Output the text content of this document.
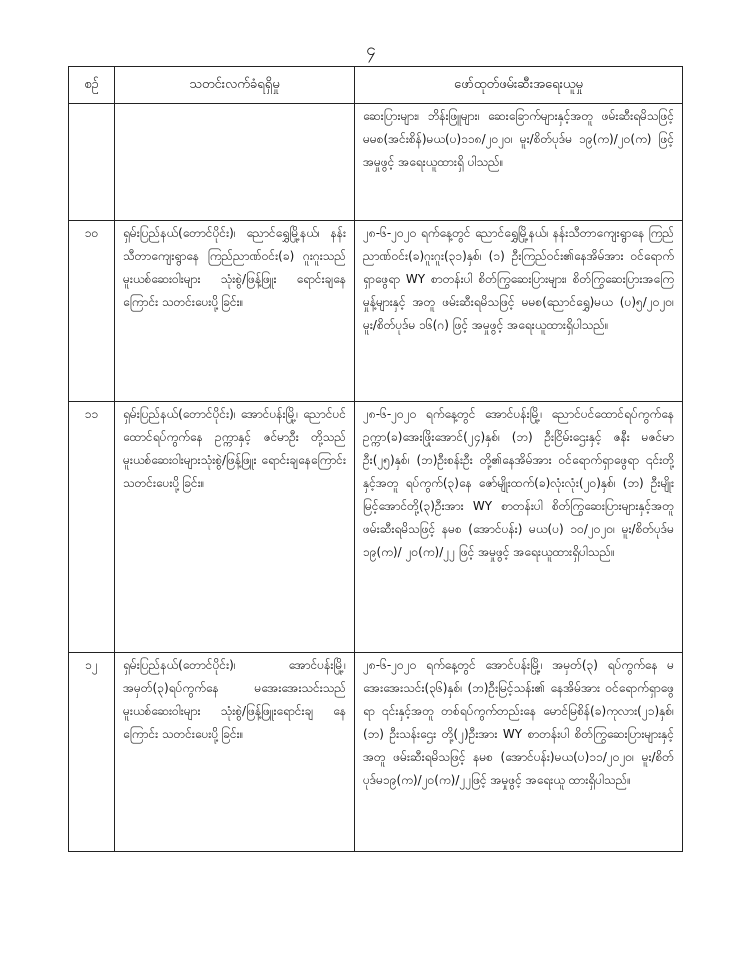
၄
စဉ်	သတင်းလက်ခံရရှိမှု	ဖော်ထုတ်ဖမ်းဆီးအရေးယူမှု
		ဆေးပြားများ၊ ဘိန်းဖြူများ၊ ဆေးခြောက်များနှင့်အတူ ဖမ်းဆီးရမိသဖြင့် မမစ(အင်းစိန်)မယ(ပ)၁၁၈/၂၀၂၀၊ မူး/စိတ်ပုဒ်မ ၁၉(က)/၂၀(က) ဖြင့် အမှုဖွင့် အရေးယူထားရှိ ပါသည်။
၁၀	ရှမ်းပြည်နယ်(တောင်ပိုင်း)၊ ညောင်ရွှေမြို့နယ်၊ နန်းသီတာကျေးရွာနေ ကြည်ညာဏ်ဝင်း(ခ) ဂူးဂူးသည် မူးယစ်ဆေးဝါးများ သုံးစွဲ/ဖြန့်ဖြူး ရောင်းချနေကြောင်း သတင်းပေးပို့ခြင်း။	၂၈-၆-၂၀၂၀ ရက်နေ့တွင် ညောင်ရွှေမြို့နယ်၊ နန်းသီတာကျေးရွာနေ ကြည်ညာဏ်ဝင်း(ခ)ဂူးဂူး(၃၁)နှစ်၊ (၁) ဦးကြည်ဝင်း၏နေအိမ်အား ဝင်ရောက်ရှာဖွေရာ WY စာတန်းပါ စိတ်ကြွဆေးပြားများ၊ စိတ်ကြွဆေးပြားအကြေမှုန့်များနှင့် အတူ ဖမ်းဆီးရမိသဖြင့် မမစ(ညောင်ရွှေ)မယ (ပ)၅/၂၀၂၀၊ မူး/စိတ်ပုဒ်မ ၁၆(ဂ) ဖြင့် အမှုဖွင့် အရေးယူထားရှိပါသည်။
၁၁	ရှမ်းပြည်နယ်(တောင်ပိုင်း)၊ အောင်ပန်းမြို့၊ ညောင်ပင်ထောင်ရပ်ကွက်နေ ဥက္ကာနှင့် ဇင်မာဦး တို့သည် မူးယစ်ဆေးဝါးများသုံးစွဲ/ဖြန့်ဖြူး ရောင်းချနေကြောင်း သတင်းပေးပို့ခြင်း။	၂၈-၆-၂၀၂၀ ရက်နေ့တွင် အောင်ပန်းမြို့၊ ညောင်ပင်ထောင်ရပ်ကွက်နေ ဥက္ကာ(ခ)အေးဖြိုးအောင်(၂၄)နှစ်၊ (ဘ) ဦးငြိမ်းဌေးနှင့် ဇနီး မဇင်မာဦး(၂၅)နှစ်၊ (ဘ)ဦးစန်းဦး တို့၏နေအိမ်အား ဝင်ရောက်ရှာဖွေရာ ၎င်းတို့နှင့်အတူ ရပ်ကွက်(၃)နေ ဇော်မျိုးထက်(ခ)လုံးလုံး(၂၀)နှစ်၊ (ဘ) ဦးမျိုးမြင့်အောင်တို့(၃)ဦးအား WY စာတန်းပါ စိတ်ကြွဆေးပြားများနှင့်အတူ ဖမ်းဆီးရမိသဖြင့် နမစ (အောင်ပန်း) မယ(ပ) ၁၀/၂၀၂၀၊ မူး/စိတ်ပုဒ်မ ၁၉(က)/ ၂၀(က)/၂၂ ဖြင့် အမှုဖွင့် အရေးယူထားရှိပါသည်။
၁၂	ရှမ်းပြည်နယ်(တောင်ပိုင်း)၊ အောင်ပန်းမြို့၊ အမှတ်(၃)ရပ်ကွက်နေ မအေးအေးသင်းသည် မူးယစ်ဆေးဝါးများ သုံးစွဲ/ဖြန့်ဖြူးရောင်းချ နေကြောင်း သတင်းပေးပို့ခြင်း။	၂၈-၆-၂၀၂၀ ရက်နေ့တွင် အောင်ပန်းမြို့၊ အမှတ်(၃) ရပ်ကွက်နေ မအေးအေးသင်း(၃၆)နှစ်၊ (ဘ)ဦးမြင့်သန်း၏ နေအိမ်အား ဝင်ရောက်ရှာဖွေရာ ၎င်းနှင့်အတူ တစ်ရပ်ကွက်တည်းနေ မောင်မြစိန်(ခ)ကုလား(၂၁)နှစ်၊(ဘ) ဦးသန်းဌေး တို့(၂)ဦးအား WY စာတန်းပါ စိတ်ကြွဆေးပြားများနှင့် အတူ ဖမ်းဆီးရမိသဖြင့် နမစ (အောင်ပန်း)မယ(ပ)၁၁/၂၀၂၀၊ မူး/စိတ်ပုဒ်မ၁၉(က)/၂၀(က)/၂၂ဖြင့် အမှုဖွင့် အရေးယူ ထားရှိပါသည်။
